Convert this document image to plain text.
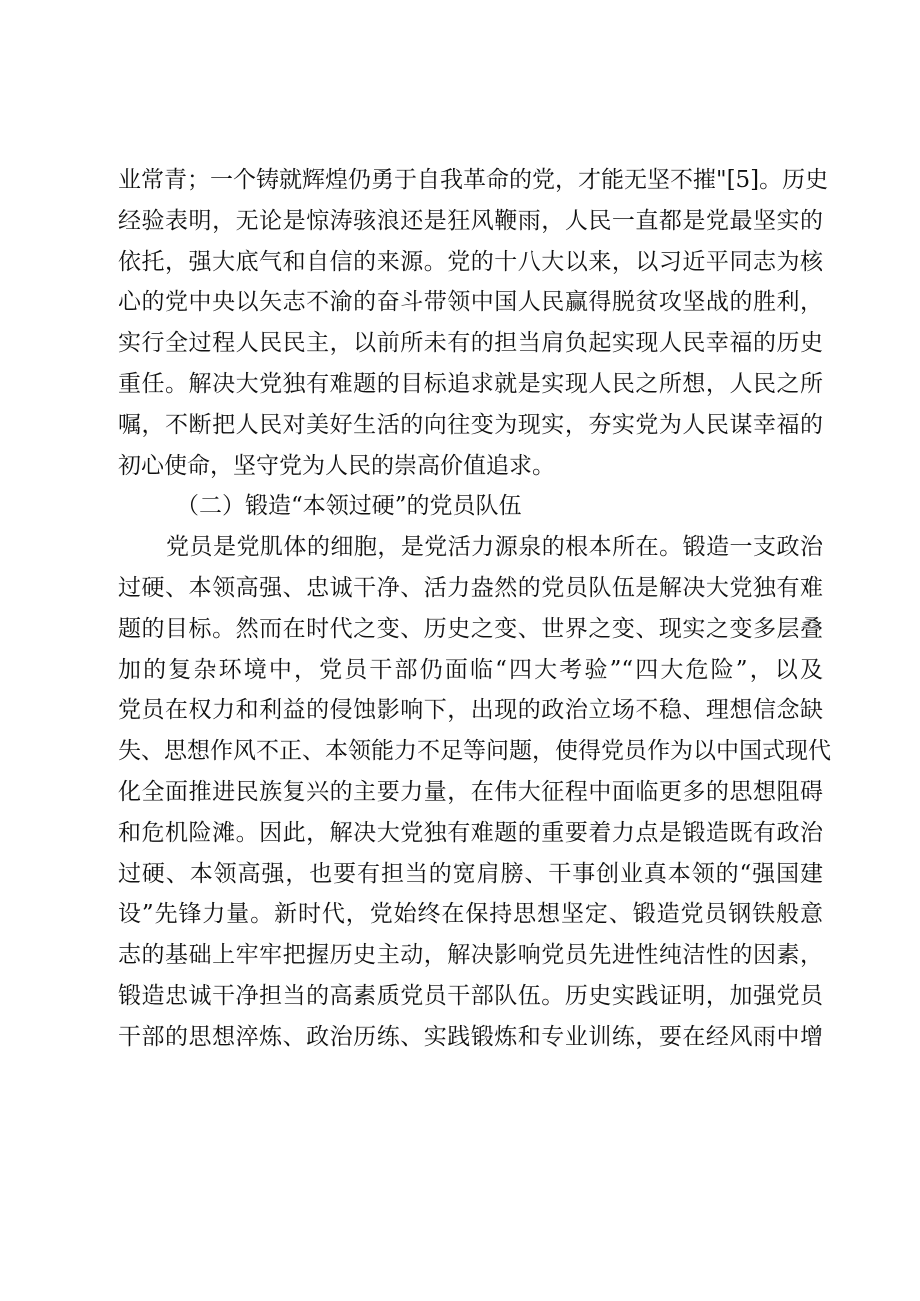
业常青；一个铸就辉煌仍勇于自我革命的党，才能无坚不摧"[5]。历史
经验表明，无论是惊涛骇浪还是狂风鞭雨，人民一直都是党最坚实的
依托，强大底气和自信的来源。党的十八大以来，以习近平同志为核
心的党中央以矢志不渝的奋斗带领中国人民赢得脱贫攻坚战的胜利，
实行全过程人民民主，以前所未有的担当肩负起实现人民幸福的历史
重任。解决大党独有难题的目标追求就是实现人民之所想，人民之所
嘱，不断把人民对美好生活的向往变为现实，夯实党为人民谋幸福的
初心使命，坚守党为人民的崇高价值追求。

（二）锻造“本领过硬”的党员队伍

党员是党肌体的细胞，是党活力源泉的根本所在。锻造一支政治
过硬、本领高强、忠诚干净、活力盎然的党员队伍是解决大党独有难
题的目标。然而在时代之变、历史之变、世界之变、现实之变多层叠
加的复杂环境中，党员干部仍面临“四大考验”“四大危险”，以及
党员在权力和利益的侵蚀影响下，出现的政治立场不稳、理想信念缺
失、思想作风不正、本领能力不足等问题，使得党员作为以中国式现代
化全面推进民族复兴的主要力量，在伟大征程中面临更多的思想阻碍
和危机险滩。因此，解决大党独有难题的重要着力点是锻造既有政治
过硬、本领高强，也要有担当的宽肩膀、干事创业真本领的“强国建
设”先锋力量。新时代，党始终在保持思想坚定、锻造党员钢铁般意
志的基础上牢牢把握历史主动，解决影响党员先进性纯洁性的因素，
锻造忠诚干净担当的高素质党员干部队伍。历史实践证明，加强党员
干部的思想淬炼、政治历练、实践锻炼和专业训练，要在经风雨中增
